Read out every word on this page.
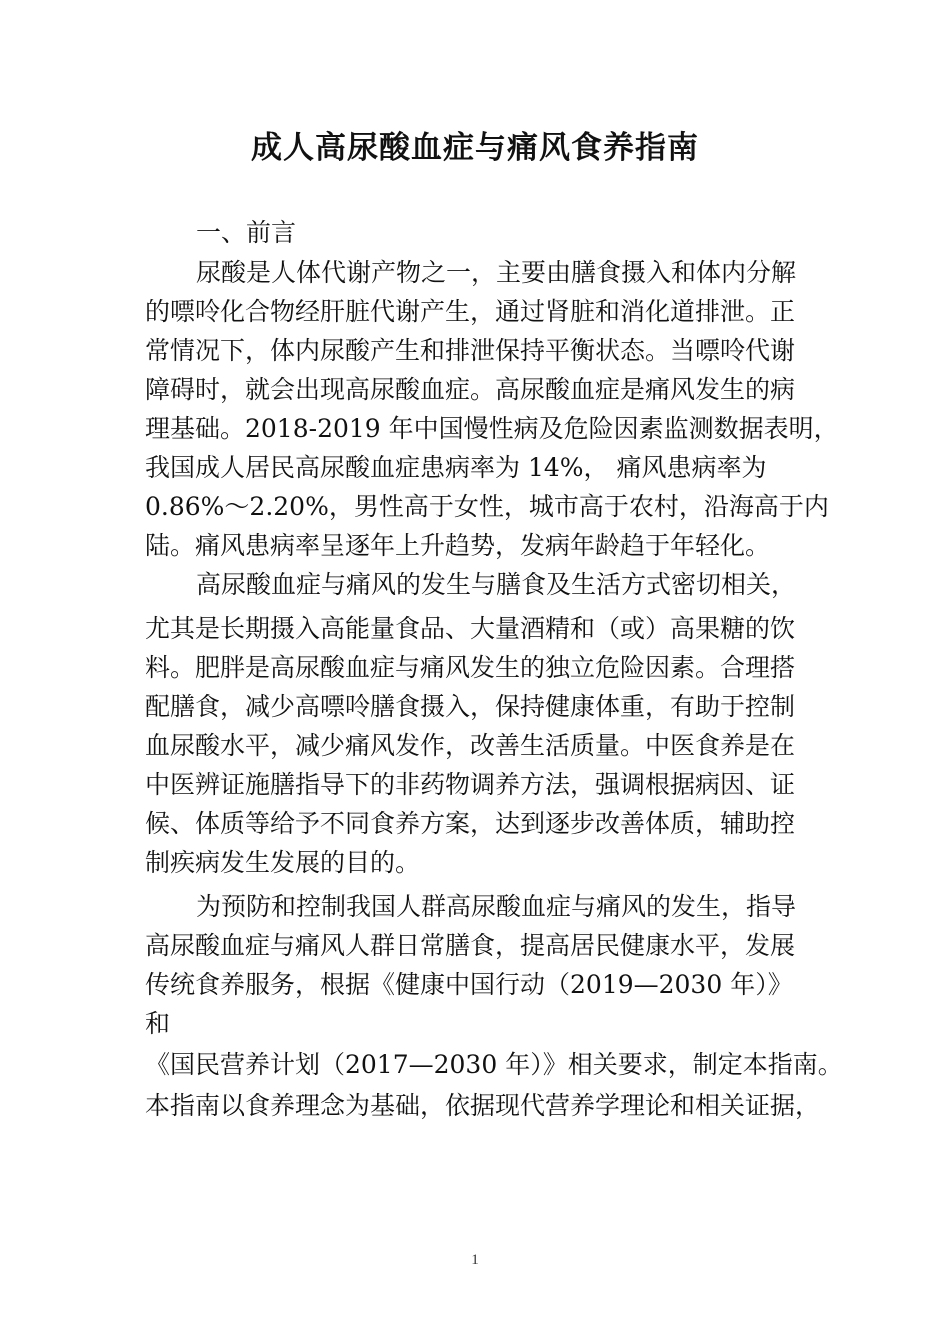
成人高尿酸血症与痛风食养指南

一、前言

尿酸是人体代谢产物之一，主要由膳食摄入和体内分解

的嘌呤化合物经肝脏代谢产生，通过肾脏和消化道排泄。正

常情况下，体内尿酸产生和排泄保持平衡状态。当嘌呤代谢

障碍时，就会出现高尿酸血症。高尿酸血症是痛风发生的病

理基础。2018-2019 年中国慢性病及危险因素监测数据表明，

我国成人居民高尿酸血症患病率为 14%， 痛风患病率为

0.86%～2.20%，男性高于女性，城市高于农村，沿海高于内

陆。痛风患病率呈逐年上升趋势，发病年龄趋于年轻化。

高尿酸血症与痛风的发生与膳食及生活方式密切相关，

尤其是长期摄入高能量食品、大量酒精和（或）高果糖的饮

料。肥胖是高尿酸血症与痛风发生的独立危险因素。合理搭

配膳食，减少高嘌呤膳食摄入，保持健康体重，有助于控制

血尿酸水平，减少痛风发作，改善生活质量。中医食养是在

中医辨证施膳指导下的非药物调养方法，强调根据病因、证

候、体质等给予不同食养方案，达到逐步改善体质，辅助控

制疾病发生发展的目的。

为预防和控制我国人群高尿酸血症与痛风的发生，指导

高尿酸血症与痛风人群日常膳食，提高居民健康水平，发展

传统食养服务，根据《健康中国行动（2019—2030 年）》

和

《国民营养计划（2017—2030 年）》相关要求，制定本指南。

本指南以食养理念为基础，依据现代营养学理论和相关证据，

1
